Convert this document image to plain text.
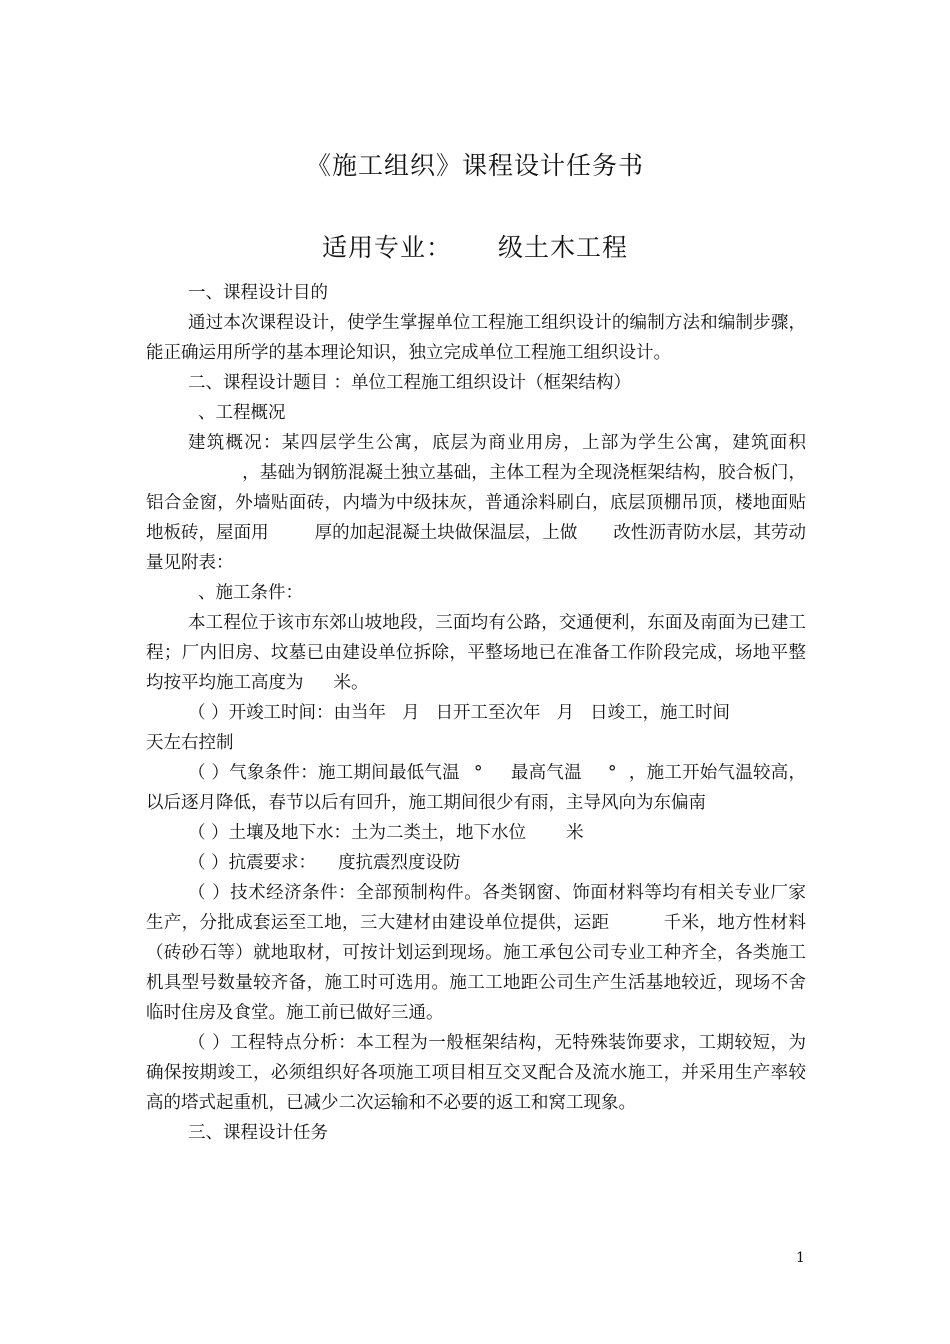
《施工组织》课程设计任务书
适用专业： 级土木工程

一、课程设计目的

通过本次课程设计，使学生掌握单位工程施工组织设计的编制方法和编制步骤，能正确运用所学的基本理论知识，独立完成单位工程施工组织设计。

二、课程设计题目 ：单位工程施工组织设计（框架结构）

、工程概况

建筑概况：某四层学生公寓，底层为商业用房，上部为学生公寓，建筑面积，基础为钢筋混凝土独立基础，主体工程为全现浇框架结构，胶合板门，铝合金窗，外墙贴面砖，内墙为中级抹灰，普通涂料刷白，底层顶棚吊顶，楼地面贴地板砖，屋面用	厚的加起混凝土块做保温层，上做 改性沥青防水层，其劳动量见附表：

、施工条件：

本工程位于该市东郊山坡地段，三面均有公路，交通便利，东面及南面为已建工程；厂内旧房、坟墓已由建设单位拆除，平整场地已在准备工作阶段完成，场地平整均按平均施工高度为 米。

（ ）开竣工时间：由当年 月 日开工至次年 月 日竣工，施工时间
天左右控制

（ ）气象条件：施工期间最低气温 ° 最高气温 ° ，施工开始气温较高，以后逐月降低，春节以后有回升，施工期间很少有雨，主导风向为东偏南

（ ）土壤及地下水：土为二类土，地下水位 米

（ ）抗震要求： 度抗震烈度设防

（ ）技术经济条件：全部预制构件。各类钢窗、饰面材料等均有相关专业厂家生产，分批成套运至工地，三大建材由建设单位提供，运距	千米，地方性材料（砖砂石等）就地取材，可按计划运到现场。施工承包公司专业工种齐全，各类施工机具型号数量较齐备，施工时可选用。施工工地距公司生产生活基地较近，现场不舍临时住房及食堂。施工前已做好三通。

（ ）工程特点分析：本工程为一般框架结构，无特殊装饰要求，工期较短，为确保按期竣工，必须组织好各项施工项目相互交叉配合及流水施工，并采用生产率较高的塔式起重机，已减少二次运输和不必要的返工和窝工现象。

三、课程设计任务

1
